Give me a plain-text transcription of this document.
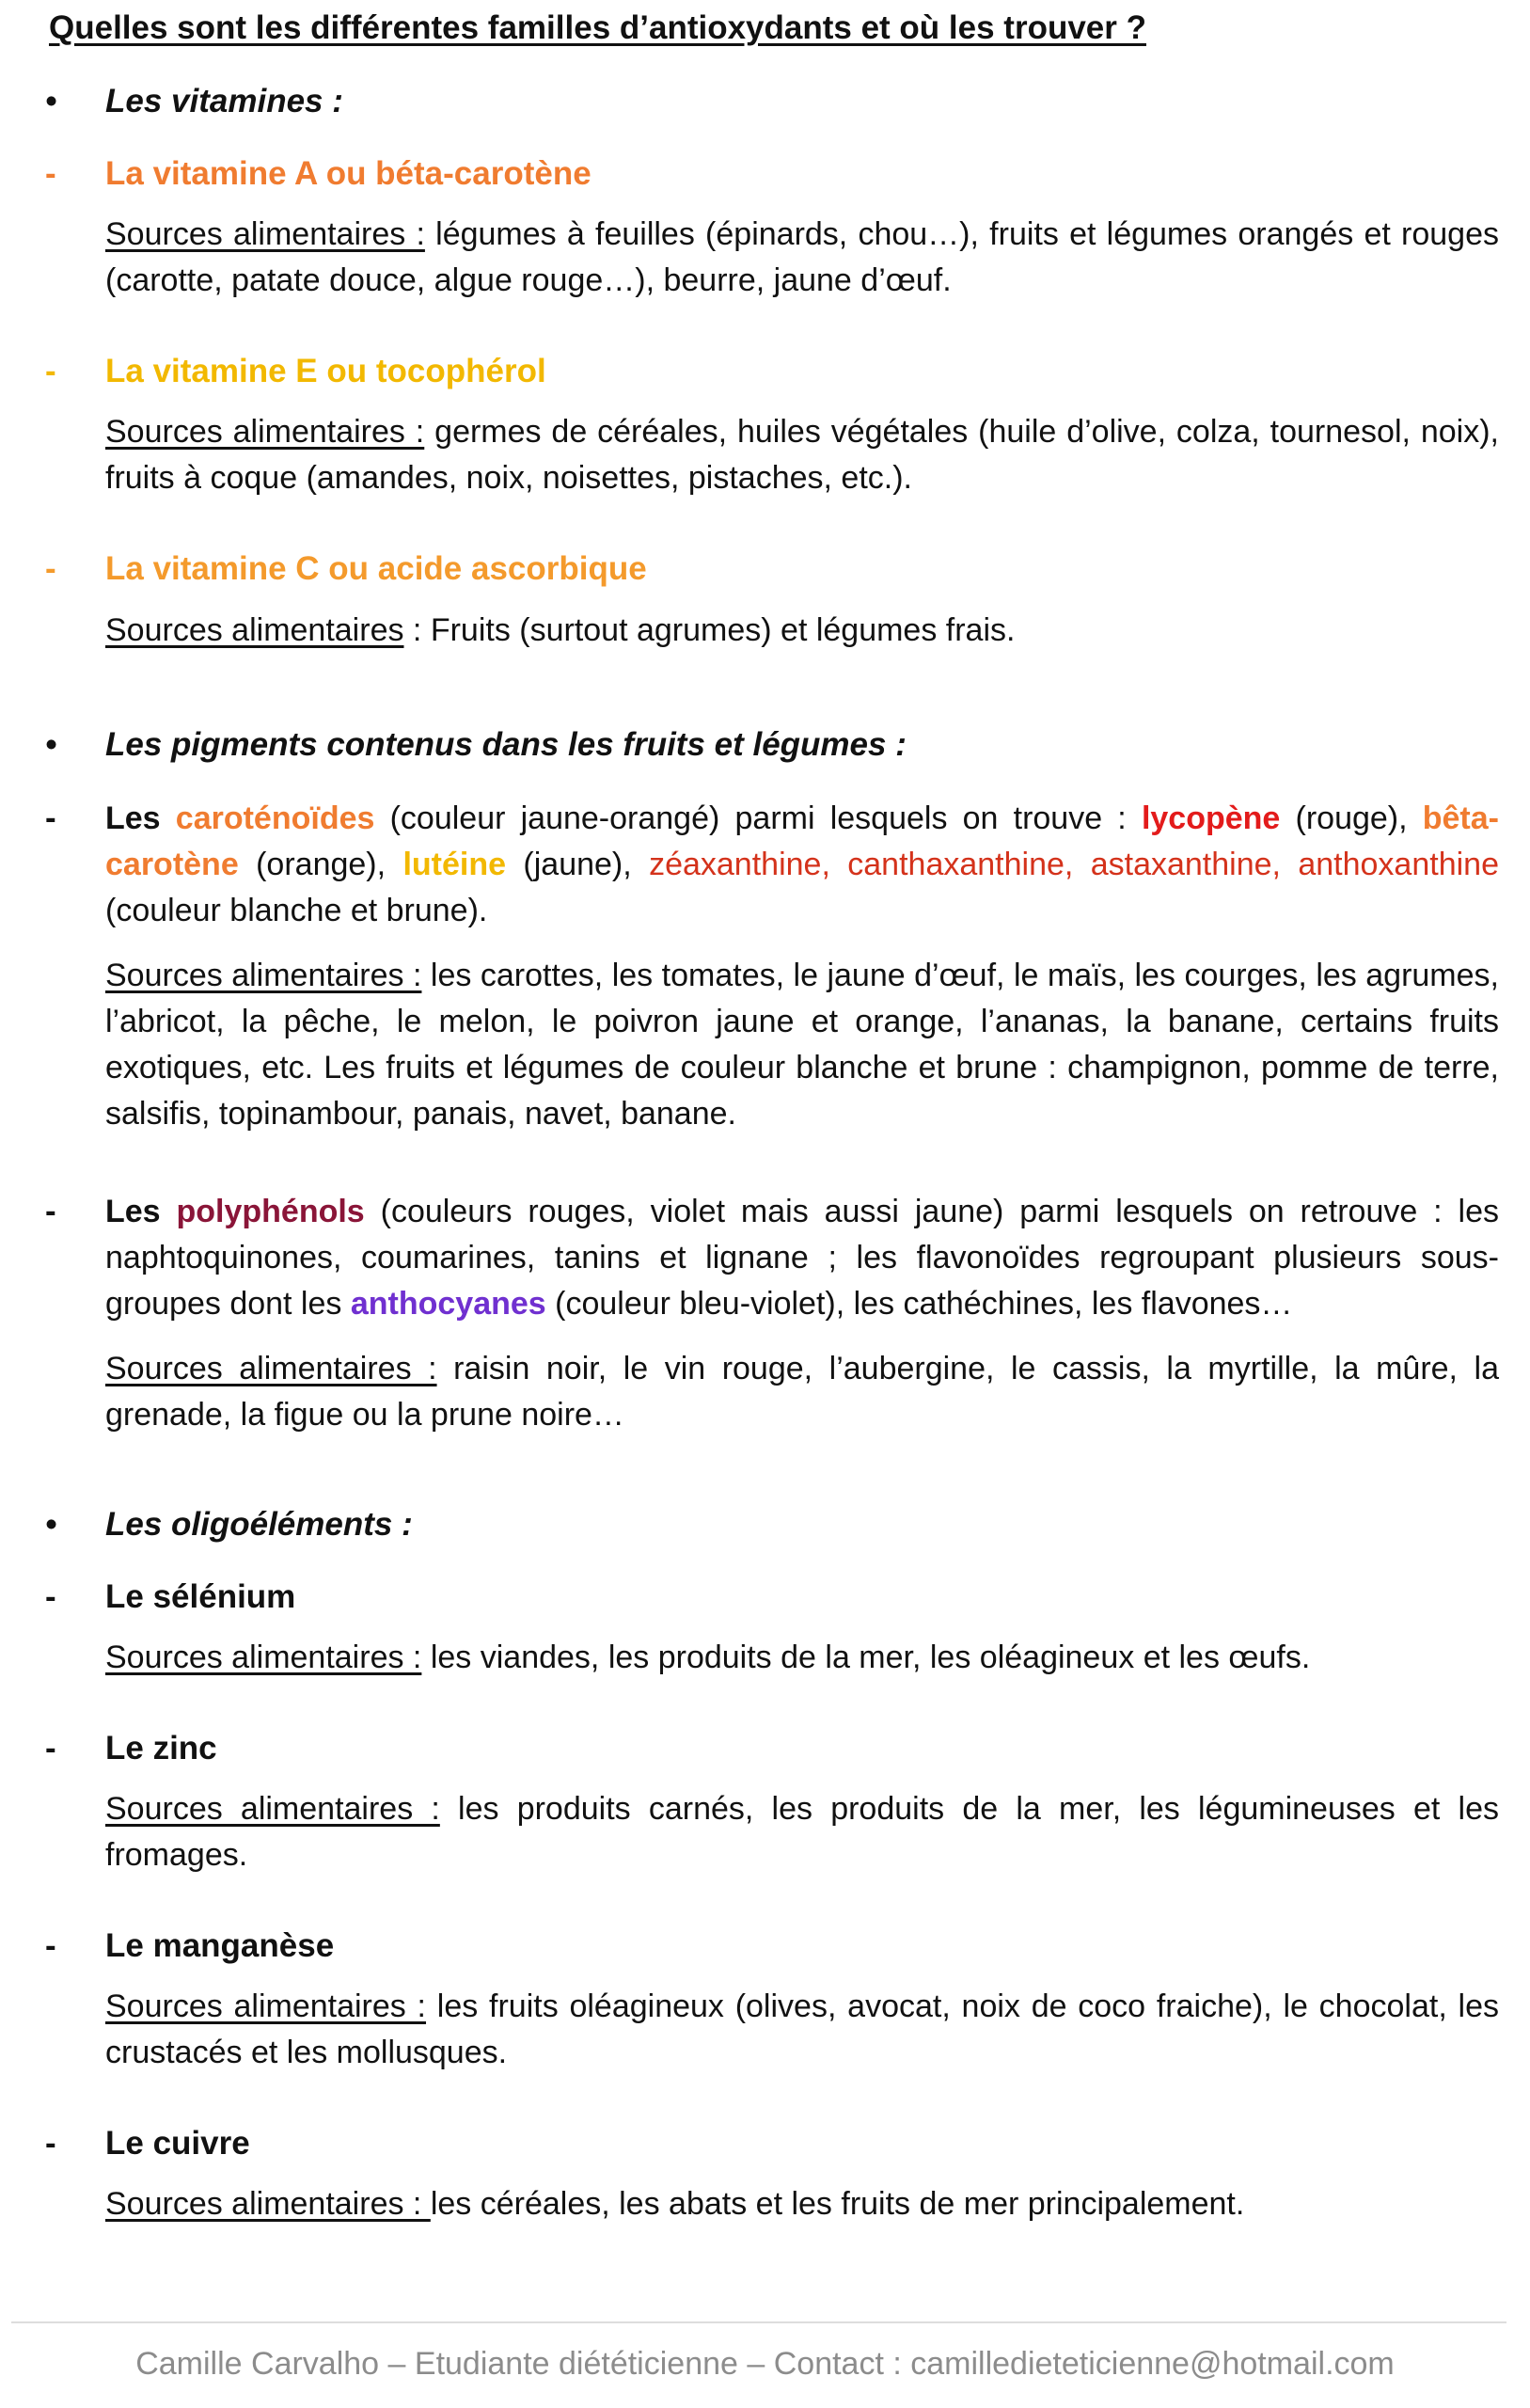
Quelles sont les différentes familles d’antioxydants et où les trouver ?
• Les vitamines :
- La vitamine A ou béta-carotène
Sources alimentaires : légumes à feuilles (épinards, chou…), fruits et légumes orangés et rouges (carotte, patate douce, algue rouge…), beurre, jaune d’œuf.
- La vitamine E ou tocophérol
Sources alimentaires : germes de céréales, huiles végétales (huile d’olive, colza, tournesol, noix), fruits à coque (amandes, noix, noisettes, pistaches, etc.).
- La vitamine C ou acide ascorbique
Sources alimentaires : Fruits (surtout agrumes) et légumes frais.
• Les pigments contenus dans les fruits et légumes :
- Les caroténoïdes (couleur jaune-orangé) parmi lesquels on trouve : lycopène (rouge), bêta-carotène (orange), lutéine (jaune), zéaxanthine, canthaxanthine, astaxanthine, anthoxanthine (couleur blanche et brune).
Sources alimentaires : les carottes, les tomates, le jaune d’œuf, le maïs, les courges, les agrumes, l’abricot, la pêche, le melon, le poivron jaune et orange, l’ananas, la banane, certains fruits exotiques, etc. Les fruits et légumes de couleur blanche et brune : champignon, pomme de terre, salsifis, topinambour, panais, navet, banane.
- Les polyphénols (couleurs rouges, violet mais aussi jaune) parmi lesquels on retrouve : les naphtoquinones, coumarines, tanins et lignane ; les flavonoïdes regroupant plusieurs sous-groupes dont les anthocyanes (couleur bleu-violet), les cathéchines, les flavones…
Sources alimentaires : raisin noir, le vin rouge, l’aubergine, le cassis, la myrtille, la mûre, la grenade, la figue ou la prune noire…
• Les oligoéléments :
- Le sélénium
Sources alimentaires : les viandes, les produits de la mer, les oléagineux et les œufs.
- Le zinc
Sources alimentaires : les produits carnés, les produits de la mer, les légumineuses et les fromages.
- Le manganèse
Sources alimentaires : les fruits oléagineux (olives, avocat, noix de coco fraiche), le chocolat, les crustacés et les mollusques.
- Le cuivre
Sources alimentaires : les céréales, les abats et les fruits de mer principalement.
Camille Carvalho – Etudiante diététicienne – Contact : camilledieteticienne@hotmail.com
